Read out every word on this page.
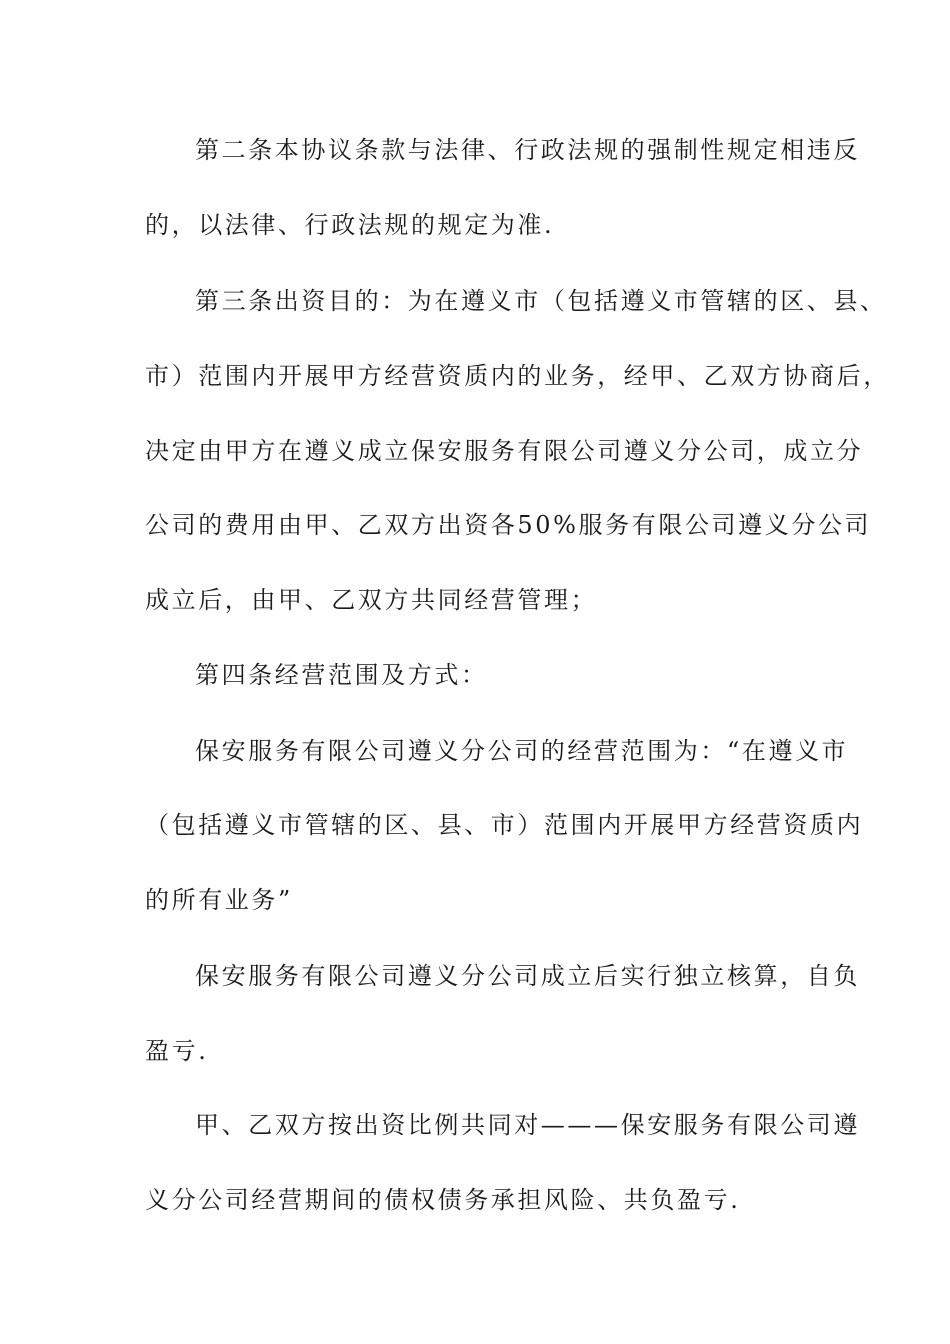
第二条本协议条款与法律、行政法规的强制性规定相违反
的，以法律、行政法规的规定为准.
第三条出资目的：为在遵义市（包括遵义市管辖的区、县、
市）范围内开展甲方经营资质内的业务，经甲、乙双方协商后，
决定由甲方在遵义成立保安服务有限公司遵义分公司，成立分
公司的费用由甲、乙双方出资各50%服务有限公司遵义分公司
成立后，由甲、乙双方共同经营管理；
第四条经营范围及方式：
保安服务有限公司遵义分公司的经营范围为：“在遵义市
（包括遵义市管辖的区、县、市）范围内开展甲方经营资质内
的所有业务”
保安服务有限公司遵义分公司成立后实行独立核算，自负
盈亏.
甲、乙双方按出资比例共同对———保安服务有限公司遵
义分公司经营期间的债权债务承担风险、共负盈亏.
